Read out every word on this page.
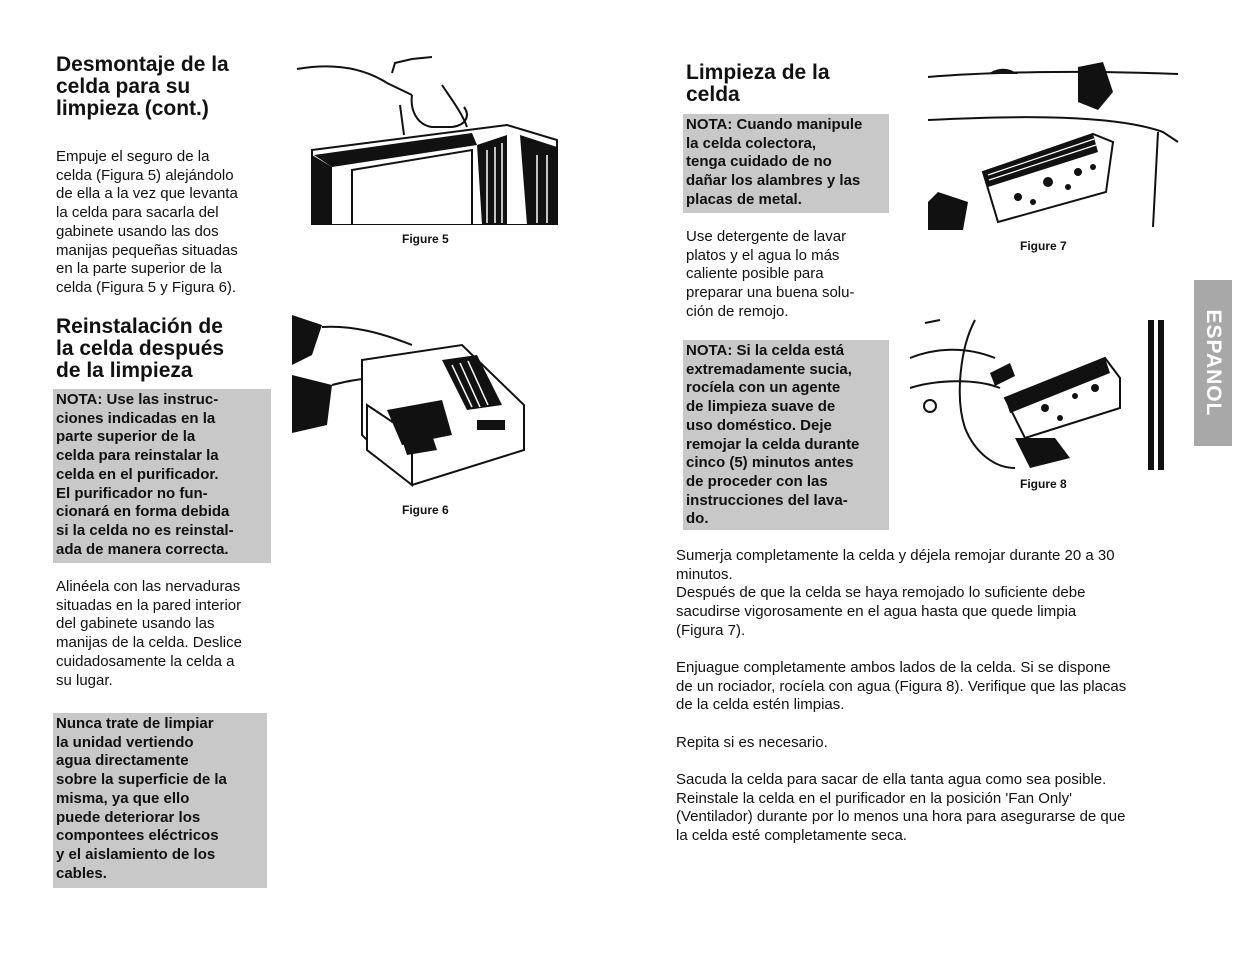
Desmontaje de la
celda para su
limpieza (cont.)

Empuje el seguro de la
celda (Figura 5) alejándolo
de ella a la vez que levanta
la celda para sacarla del
gabinete usando las dos
manijas pequeñas situadas
en la parte superior de la
celda (Figura 5 y Figura 6).

Reinstalación de
la celda después
de la limpieza
NOTA: Use las instruc-
ciones indicadas en la
parte superior de la
celda para reinstalar la
celda en el purificador.
El purificador no fun-
cionará en forma debida
si la celda no es reinstal-
ada de manera correcta.

Alinéela con las nervaduras
situadas en la pared interior
del gabinete usando las
manijas de la celda. Deslice
cuidadosamente la celda a
su lugar.

Nunca trate de limpiar
la unidad vertiendo
agua directamente
sobre la superficie de la
misma, ya que ello
puede deteriorar los
compontees eléctricos
y el aislamiento de los
cables.
Figure 5
Figure 6
Limpieza de la
celda
NOTA: Cuando manipule
la celda colectora,
tenga cuidado de no
dañar los alambres y las
placas de metal.

Use detergente de lavar
platos y el agua lo más
caliente posible para
preparar una buena solu-
ción de remojo.

NOTA: Si la celda está
extremadamente sucia,
rocíela con un agente
de limpieza suave de
uso doméstico. Deje
remojar la celda durante
cinco (5) minutos antes
de proceder con las
instrucciones del lava-
do.

Sumerja completamente la celda y déjela remojar durante 20 a 30
minutos.
Después de que la celda se haya remojado lo suficiente debe
sacudirse vigorosamente en el agua hasta que quede limpia
(Figura 7).

Enjuague completamente ambos lados de la celda. Si se dispone
de un rociador, rocíela con agua (Figura 8). Verifique que las placas
de la celda estén limpias.

Repita si es necesario.

Sacuda la celda para sacar de ella tanta agua como sea posible.
Reinstale la celda en el purificador en la posición 'Fan Only'
(Ventilador) durante por lo menos una hora para asegurarse de que
la celda esté completamente seca.

Figure 7
Figure 8
ESPANOL
